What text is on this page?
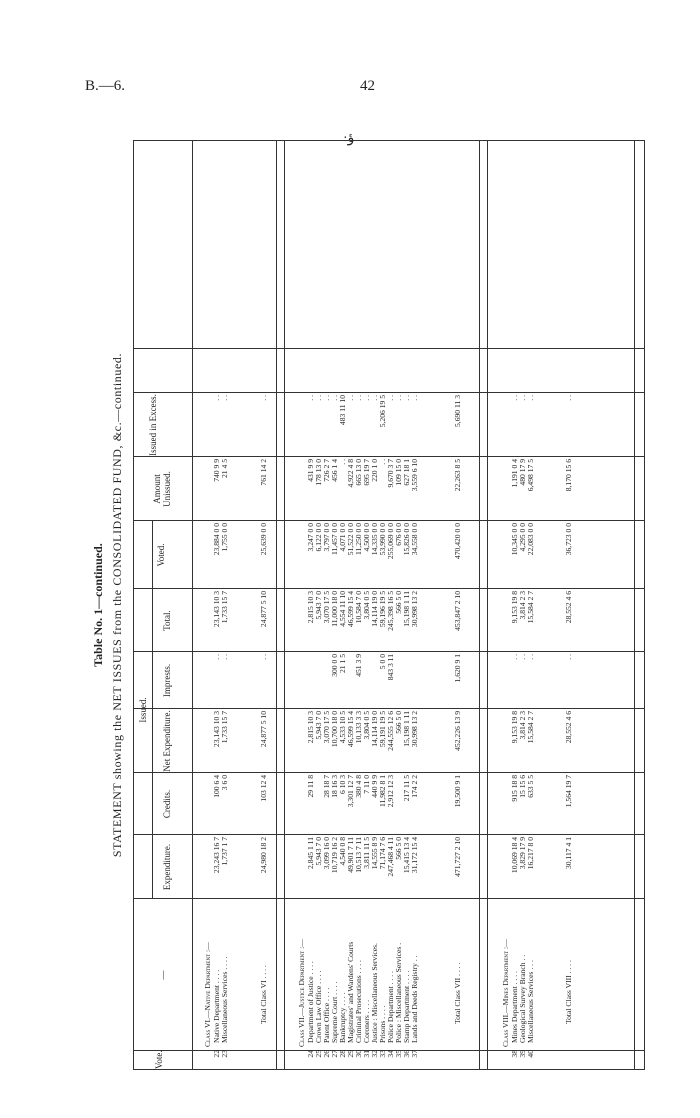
B.—6.	42
·ؤ
Table No. 1—continued. STATEMENT showing the NET ISSUES from the CONSOLIDATED FUND, &c.—continued.
Vote.
—
Issued.
Expenditure.
Credits.
Net Expenditure.
Imprests.
Total.
Voted.
Amount Unissued.
Issued in Excess.
Class VI.—Native Department :—
22
Native Department . . . .
23,243 16 7
100 6 4
23,143 10 3
. .
23,143 10 3
23,884 0 0
740 9 9
. .
23
Miscellaneous Services . . . .
1,737 1 7
3 6 0
1,733 15 7
. .
1,733 15 7
1,755 0 0
21 4 5
. .
Total Class VI . . . .
24,980 18 2
103 12 4
24,877 5 10
. .
24,877 5 10
25,639 0 0
761 14 2
. .
Class VII.—Justice Department :—
24
Department of Justice . . . .
2,845 1 11
29 11 8
2,815 10 3
2,815 10 3
3,247 0 0
431 9 9
. .
25
Crown Law Office . . . .
5,943 7 0
5,943 7 0
5,943 7 0
6,122 0 0
178 13 0
. .
26
Patent Office . . . .
3,099 16 0
28 18 7
3,070 17 5
3,070 17 5
3,797 0 0
726 2 7
. .
27
Supreme Court . . . .
10,719 16 2
18 16 3
10,700 18 0
300 0 0
11,000 18 0
11,457 0 0
456 1 4
. .
28
Bankruptcy . . . .
4,540 0 8
6 10 3
4,533 10 5
21 1 5
4,554 11 10
4,071 0 0
. .
483 11 10
29
Magistrates' and Wardens' Courts
49,901 7 11
3,301 12 7
46,599 15 4
46,599 15 4
51,522 0 0
4,922 4 8
. .
30
Criminal Prosecutions . . . .
10,513 7 11
380 4 8
10,133 3 3
451 3 9
10,584 7 0
11,250 0 0
665 13 0
. .
31
Coroners . . . .
3,811 11 5
7 11 0
3,804 0 5
3,804 0 5
4,500 0 0
695 19 7
. .
32
Justice : Miscellaneous Services.
14,555 8 9
440 9 9
14,114 19 0
14,114 19 0
14,335 0 0
220 1 0
. .
33
Prisons . . . .
71,174 7 6
11,982 8 1
59,191 19 5
5 0 0
59,196 19 5
53,990 0 0
. .
5,206 19 5
34
Police Department . . . .
247,468 4 11
2,912 12 3
244,555 12 6
843 3 11
245,398 16 5
255,069 0 0
9,670 3 7
. .
35
Police : Miscellaneous Services .
566 5 0
566 5 0
566 5 0
676 0 0
109 15 0
. .
36
Stamp Department . . . .
15,415 13 4
217 11 5
15,198 1 11
15,198 1 11
15,826 0 0
627 18 1
. .
37
Lands and Deeds Registry . .
31,172 15 4
174 2 2
30,998 13 2
30,998 13 2
34,558 0 0
3,559 6 10
. .
Total Class VII . . . .
471,727 2 10
19,500 9 1
452,226 13 9
1,620 9 1
453,847 2 10
470,420 0 0
22,263 8 5
5,690 11 3
Class VIII.—Mines Department :—
38
Mines Department . . . .
10,069 18 4
915 18 8
9,153 19 8
. .
9,153 19 8
10,345 0 0
1,191 0 4
. .
39
Geological Survey Branch . .
3,829 17 9
15 15 6
3,814 2 3
. .
3,814 2 3
4,295 0 0
480 17 9
. .
40
Miscellaneous Services . . .
16,217 8 0
633 5 5
15,584 2 7
. .
15,584 2 7
22,083 0 0
6,498 17 5
. .
Total Class VIII . . . .
30,117 4 1
1,564 19 7
28,552 4 6
. .
28,552 4 6
36,723 0 0
8,170 15 6
. .
